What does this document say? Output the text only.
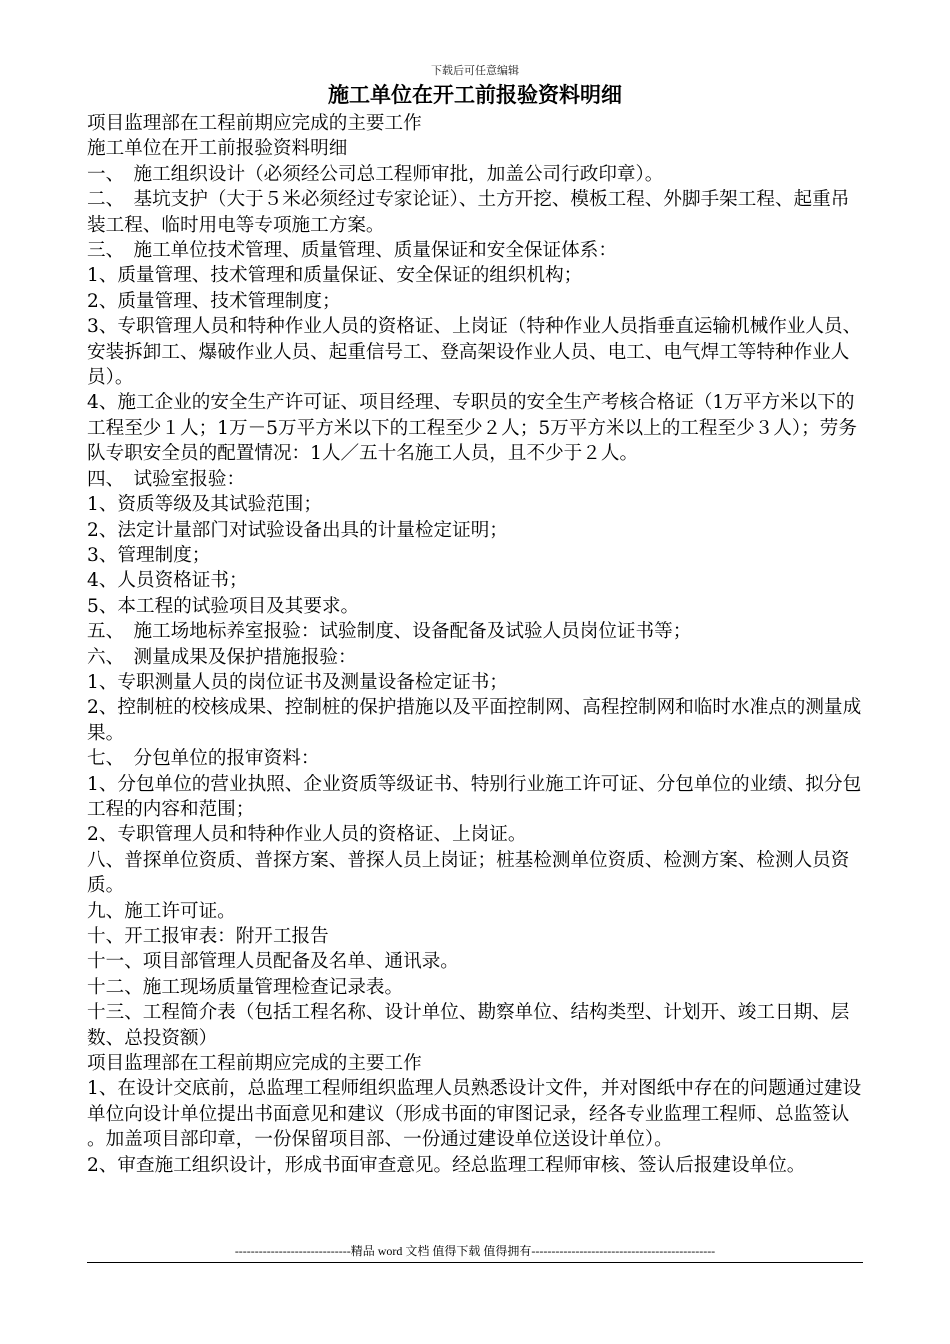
下载后可任意编辑
施工单位在开工前报验资料明细

项目监理部在工程前期应完成的主要工作

施工单位在开工前报验资料明细

一、　施工组织设计（必须经公司总工程师审批，加盖公司行政印章）。

二、　基坑支护（大于５米必须经过专家论证）、土方开挖、模板工程、外脚手架工程、起重吊装工程、临时用电等专项施工方案。

三、　施工单位技术管理、质量管理、质量保证和安全保证体系：

1、质量管理、技术管理和质量保证、安全保证的组织机构；

2、质量管理、技术管理制度；

3、专职管理人员和特种作业人员的资格证、上岗证（特种作业人员指垂直运输机械作业人员、安装拆卸工、爆破作业人员、起重信号工、登高架设作业人员、电工、电气焊工等特种作业人员）。

4、施工企业的安全生产许可证、项目经理、专职员的安全生产考核合格证（1万平方米以下的工程至少１人；1万－5万平方米以下的工程至少２人；5万平方米以上的工程至少３人）；劳务队专职安全员的配置情况：1人／五十名施工人员，且不少于２人。

四、　试验室报验：

1、资质等级及其试验范围；

2、法定计量部门对试验设备出具的计量检定证明；

3、管理制度；

4、人员资格证书；

5、本工程的试验项目及其要求。

五、　施工场地标养室报验：试验制度、设备配备及试验人员岗位证书等；

六、　测量成果及保护措施报验：

1、专职测量人员的岗位证书及测量设备检定证书；

2、控制桩的校核成果、控制桩的保护措施以及平面控制网、高程控制网和临时水准点的测量成果。

七、　分包单位的报审资料：

1、分包单位的营业执照、企业资质等级证书、特别行业施工许可证、分包单位的业绩、拟分包工程的内容和范围；

2、专职管理人员和特种作业人员的资格证、上岗证。

八、普探单位资质、普探方案、普探人员上岗证；桩基检测单位资质、检测方案、检测人员资质。

九、施工许可证。

十、开工报审表：附开工报告

十一、项目部管理人员配备及名单、通讯录。

十二、施工现场质量管理检查记录表。

十三、工程简介表（包括工程名称、设计单位、勘察单位、结构类型、计划开、竣工日期、层数、总投资额）

项目监理部在工程前期应完成的主要工作

1、在设计交底前，总监理工程师组织监理人员熟悉设计文件，并对图纸中存在的问题通过建设单位向设计单位提出书面意见和建议（形成书面的审图记录，经各专业监理工程师、总监签认。加盖项目部印章，一份保留项目部、一份通过建设单位送设计单位）。

2、审查施工组织设计，形成书面审查意见。经总监理工程师审核、签认后报建设单位。

-----------------------------精品 word 文档 值得下载 值得拥有----------------------------------------------
